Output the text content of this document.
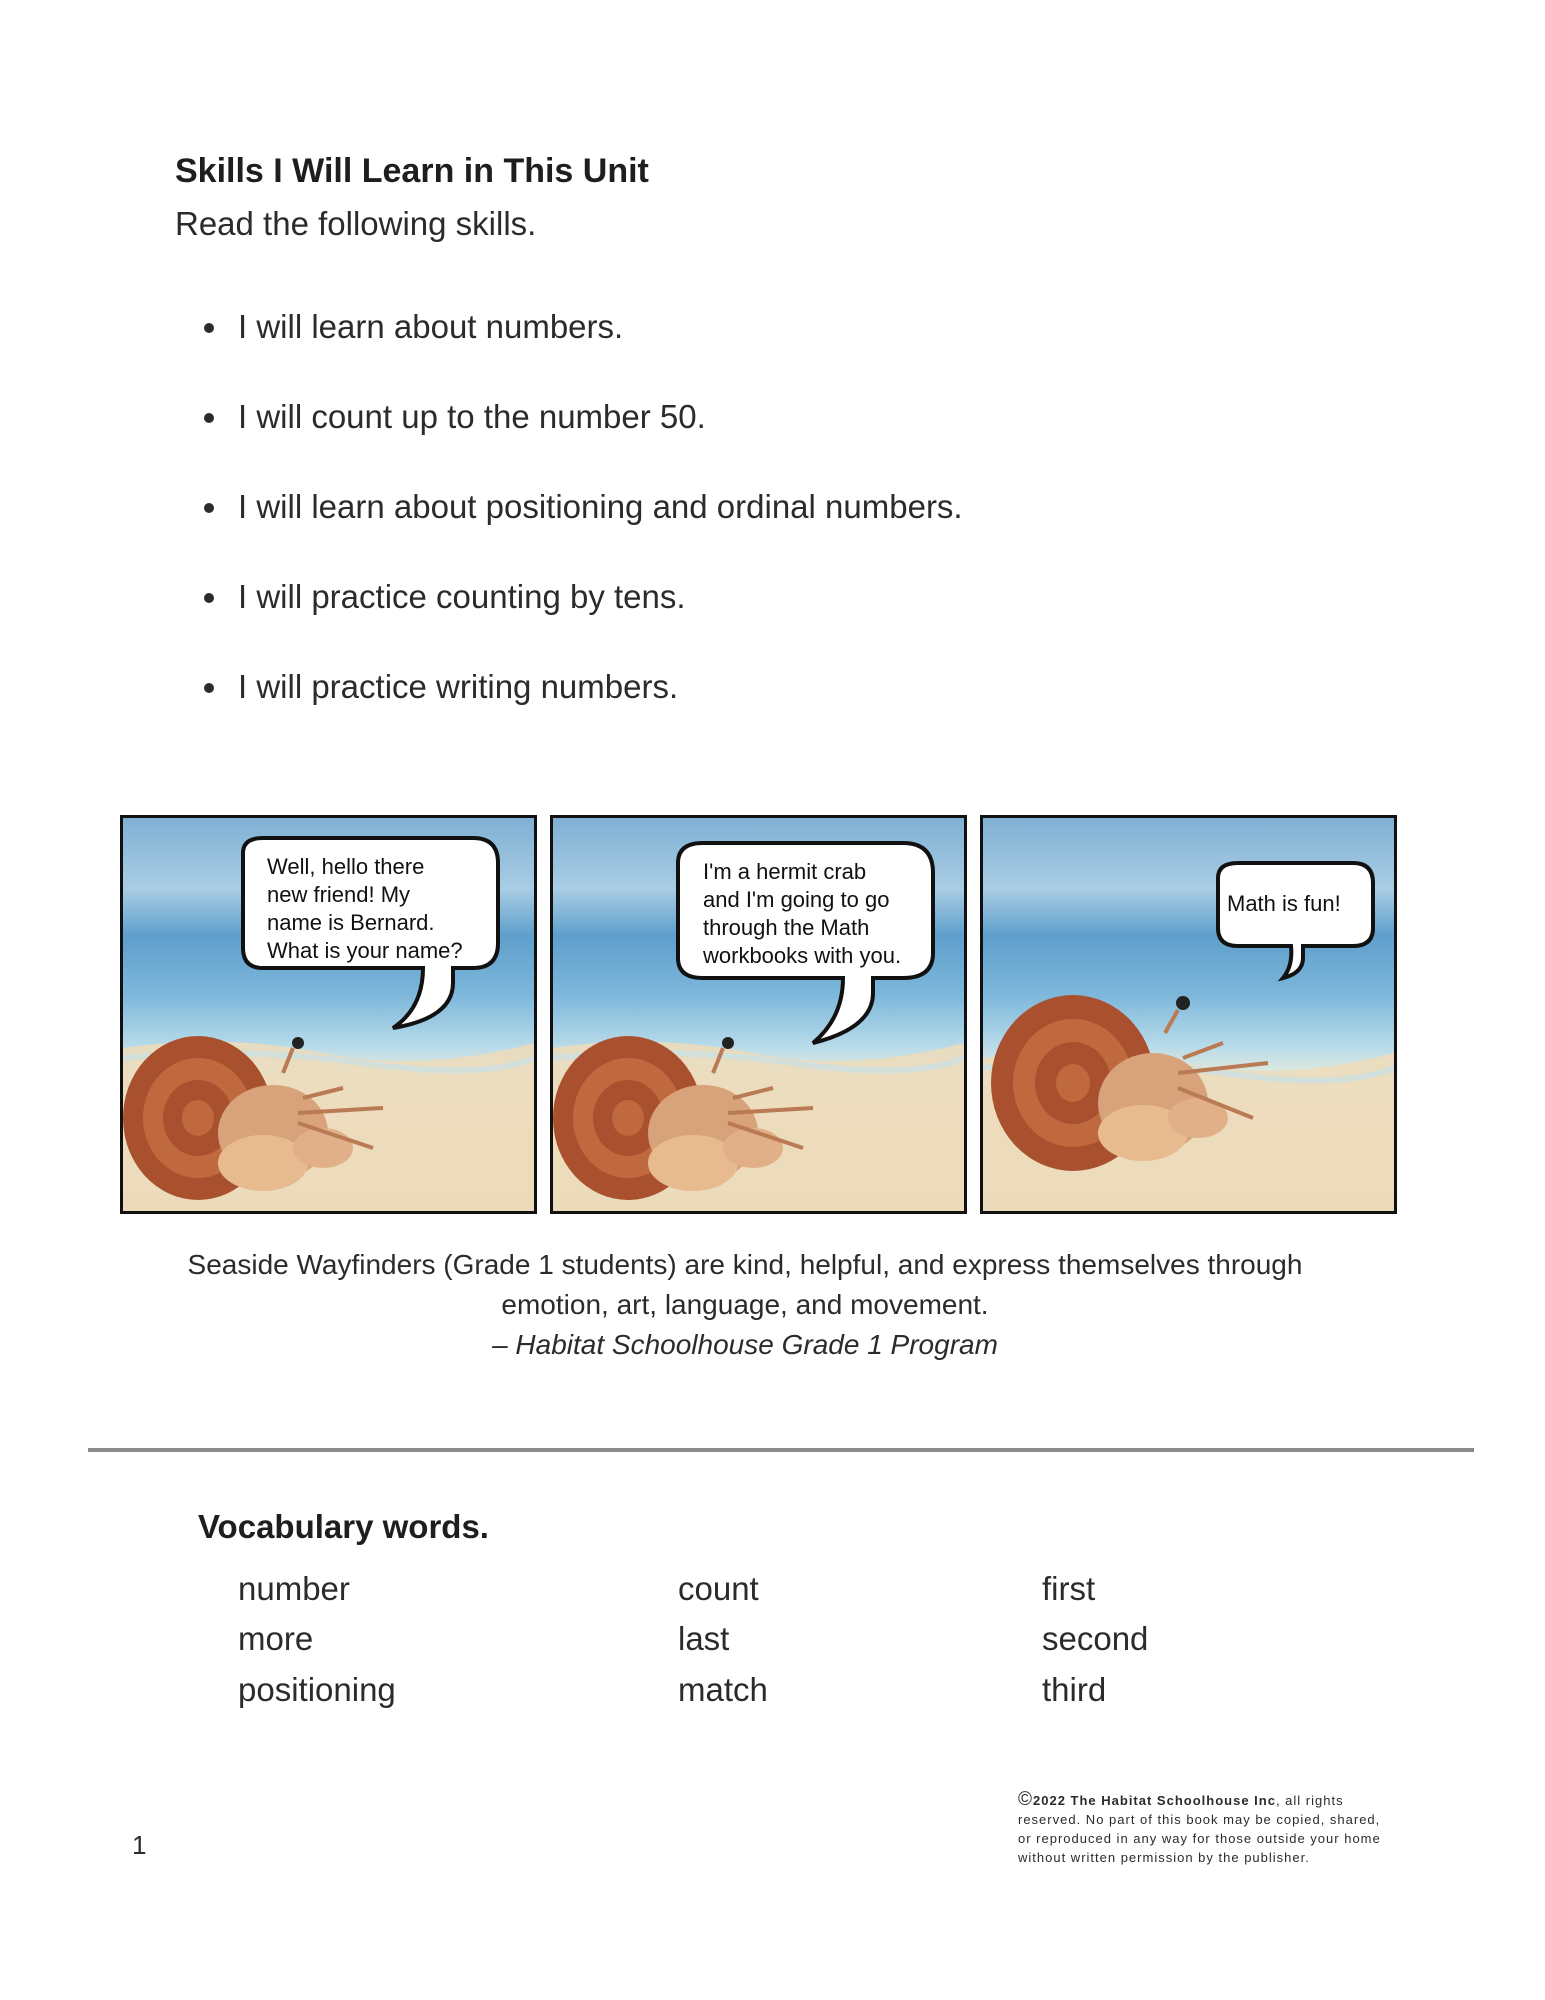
Skills I Will Learn in This Unit

Read the following skills.

I will learn about numbers.
I will count up to the number 50.
I will learn about positioning and ordinal numbers.
I will practice counting by tens.
I will practice writing numbers.

Well, hello there
new friend! My
name is Bernard.
What is your name?

I'm a hermit crab
and I'm going to go
through the Math
workbooks with you.

Math is fun!

Seaside Wayfinders (Grade 1 students) are kind, helpful, and express themselves through

emotion, art, language, and movement.

– Habitat Schoolhouse Grade 1 Program

Vocabulary words.

number

more

positioning

count

last

match

first

second

third

1

©2022 The Habitat Schoolhouse Inc, all rights reserved. No part of this book may be copied, shared, or reproduced in any way for those outside your home without written permission by the publisher.
